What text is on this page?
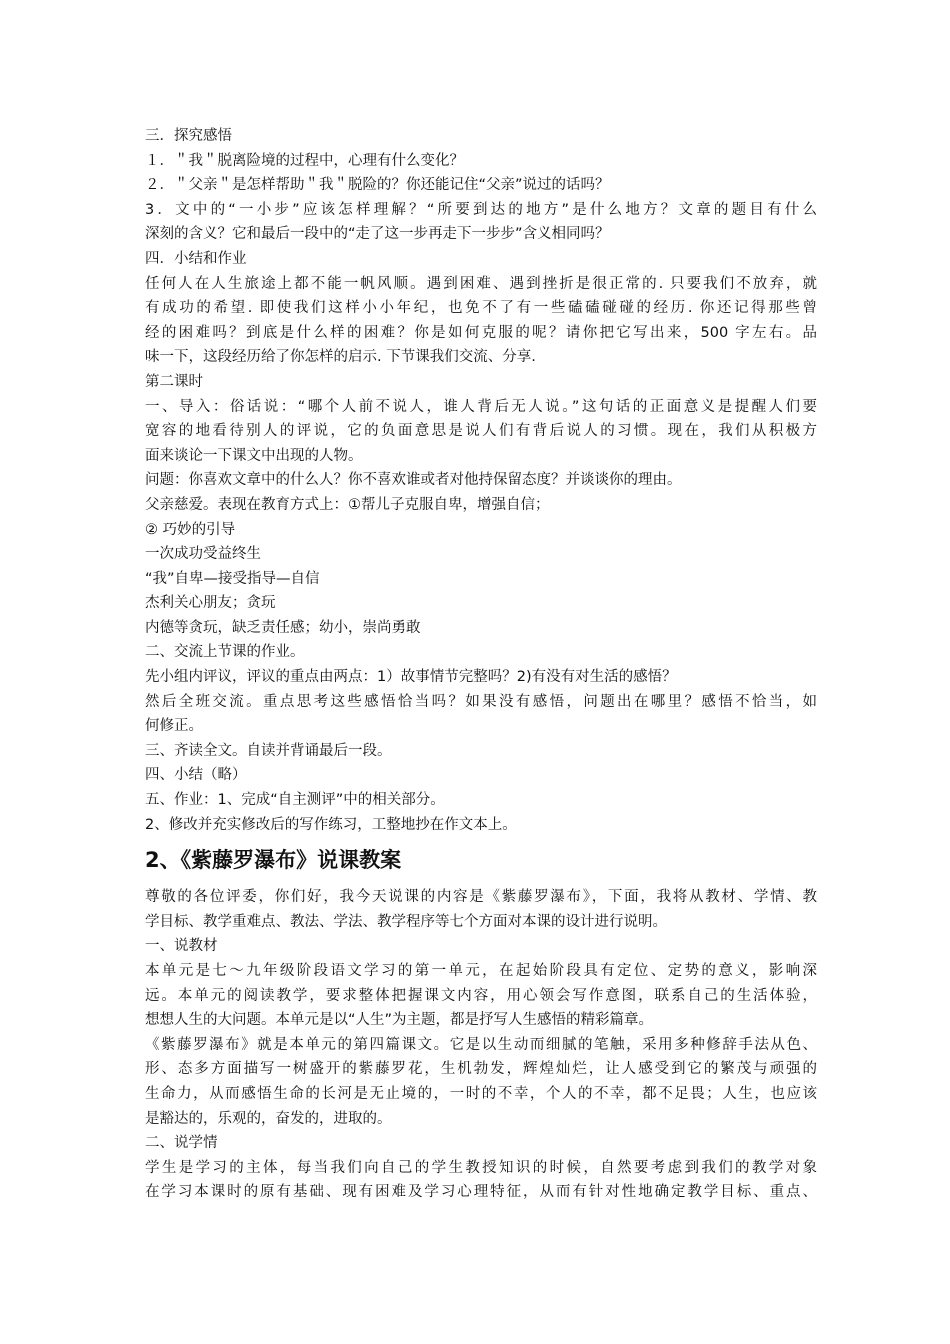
三．探究感悟
１．＂我＂脱离险境的过程中，心理有什么变化？
２．＂父亲＂是怎样帮助＂我＂脱险的？你还能记住“父亲”说过的话吗？
3．文中的“一小步”应该怎样理解？“所要到达的地方”是什么地方？文章的题目有什么
深刻的含义？它和最后一段中的“走了这一步再走下一步步”含义相同吗？
四．小结和作业
任何人在人生旅途上都不能一帆风顺。遇到困难、遇到挫折是很正常的. 只要我们不放弃，就
有成功的希望. 即使我们这样小小年纪，也免不了有一些磕磕碰碰的经历. 你还记得那些曾
经的困难吗？到底是什么样的困难？你是如何克服的呢？请你把它写出来，500 字左右。品
味一下，这段经历给了你怎样的启示. 下节课我们交流、分享.
第二课时
一、导入：俗话说：“哪个人前不说人，谁人背后无人说。”这句话的正面意义是提醒人们要
宽容的地看待别人的评说，它的负面意思是说人们有背后说人的习惯。现在，我们从积极方
面来谈论一下课文中出现的人物。
问题：你喜欢文章中的什么人？你不喜欢谁或者对他持保留态度？并谈谈你的理由。
父亲慈爱。表现在教育方式上：①帮儿子克服自卑，增强自信；
② 巧妙的引导
一次成功受益终生
“我”自卑—接受指导—自信
杰利关心朋友；贪玩
内德等贪玩，缺乏责任感；幼小，崇尚勇敢
二、交流上节课的作业。
先小组内评议，评议的重点由两点：1）故事情节完整吗？2)有没有对生活的感悟？
然后全班交流。重点思考这些感悟恰当吗？如果没有感悟，问题出在哪里？感悟不恰当，如
何修正。
三、齐读全文。自读并背诵最后一段。
四、小结（略）
五、作业：1、完成“自主测评”中的相关部分。
2、修改并充实修改后的写作练习，工整地抄在作文本上。
2、《紫藤罗瀑布》说课教案
尊敬的各位评委，你们好，我今天说课的内容是《紫藤罗瀑布》，下面，我将从教材、学情、教
学目标、教学重难点、教法、学法、教学程序等七个方面对本课的设计进行说明。
一、说教材
本单元是七～九年级阶段语文学习的第一单元，在起始阶段具有定位、定势的意义，影响深
远。本单元的阅读教学，要求整体把握课文内容，用心领会写作意图，联系自己的生活体验，
想想人生的大问题。本单元是以“人生”为主题，都是抒写人生感悟的精彩篇章。
《紫藤罗瀑布》就是本单元的第四篇课文。它是以生动而细腻的笔触，采用多种修辞手法从色、
形、态多方面描写一树盛开的紫藤罗花，生机勃发，辉煌灿烂，让人感受到它的繁茂与顽强的
生命力，从而感悟生命的长河是无止境的，一时的不幸，个人的不幸，都不足畏；人生，也应该
是豁达的，乐观的，奋发的，进取的。
二、说学情
学生是学习的主体，每当我们向自己的学生教授知识的时候，自然要考虑到我们的教学对象
在学习本课时的原有基础、现有困难及学习心理特征，从而有针对性地确定教学目标、重点、
